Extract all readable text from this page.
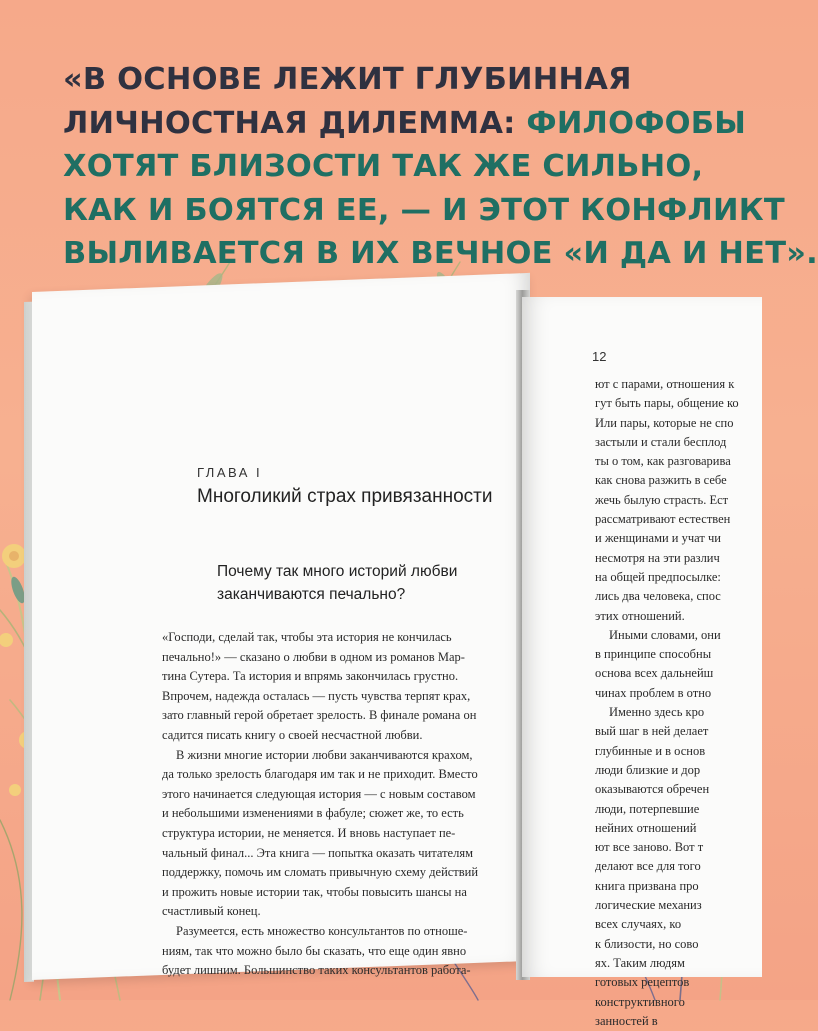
ГЛАВА I
Многоликий страх привязанности
Почему так много историй любви
заканчиваются печально?
«Господи, сделай так, чтобы эта история не кончилась
печально!» — сказано о любви в одном из романов Мар-
тина Сутера. Та история и впрямь закончилась грустно.
Впрочем, надежда осталась — пусть чувства терпят крах,
зато главный герой обретает зрелость. В финале романа он
садится писать книгу о своей несчастной любви.
В жизни многие истории любви заканчиваются крахом,
да только зрелость благодаря им так и не приходит. Вместо
этого начинается следующая история — с новым составом
и небольшими изменениями в фабуле; сюжет же, то есть
структура истории, не меняется. И вновь наступает пе-
чальный финал... Эта книга — попытка оказать читателям
поддержку, помочь им сломать привычную схему действий
и прожить новые истории так, чтобы повысить шансы на
счастливый конец.
Разумеется, есть множество консультантов по отноше-
ниям, так что можно было бы сказать, что еще один явно
будет лишним. Большинство таких консультантов работа-
12
ют с парами, отношения к
гут быть пары, общение ко
Или пары, которые не спо
застыли и стали бесплод
ты о том, как разговарива
как снова разжить в себе
жечь былую страсть. Ест
рассматривают естествен
и женщинами и учат чи
несмотря на эти различ
на общей предпосылке:
лись два человека, спос
этих отношений.
Иными словами, они
в принципе способны
основа всех дальнейш
чинах проблем в отно
Именно здесь кро
вый шаг в ней делает
глубинные и в основ
люди близкие и дор
оказываются обречен
люди, потерпевшие
нейних отношений
ют все заново. Вот т
делают все для того
книга призвана про
логические механиз
всех случаях, ко
к близости, но сово
ях. Таким людям
готовых рецептов
конструктивного
занностей в
«В ОСНОВЕ ЛЕЖИТ ГЛУБИННАЯ
ЛИЧНОСТНАЯ ДИЛЕММА: ФИЛОФОБЫ
ХОТЯТ БЛИЗОСТИ ТАК ЖЕ СИЛЬНО,
КАК И БОЯТСЯ ЕЕ, — И ЭТОТ КОНФЛИКТ
ВЫЛИВАЕТСЯ В ИХ ВЕЧНОЕ «И ДА И НЕТ».
